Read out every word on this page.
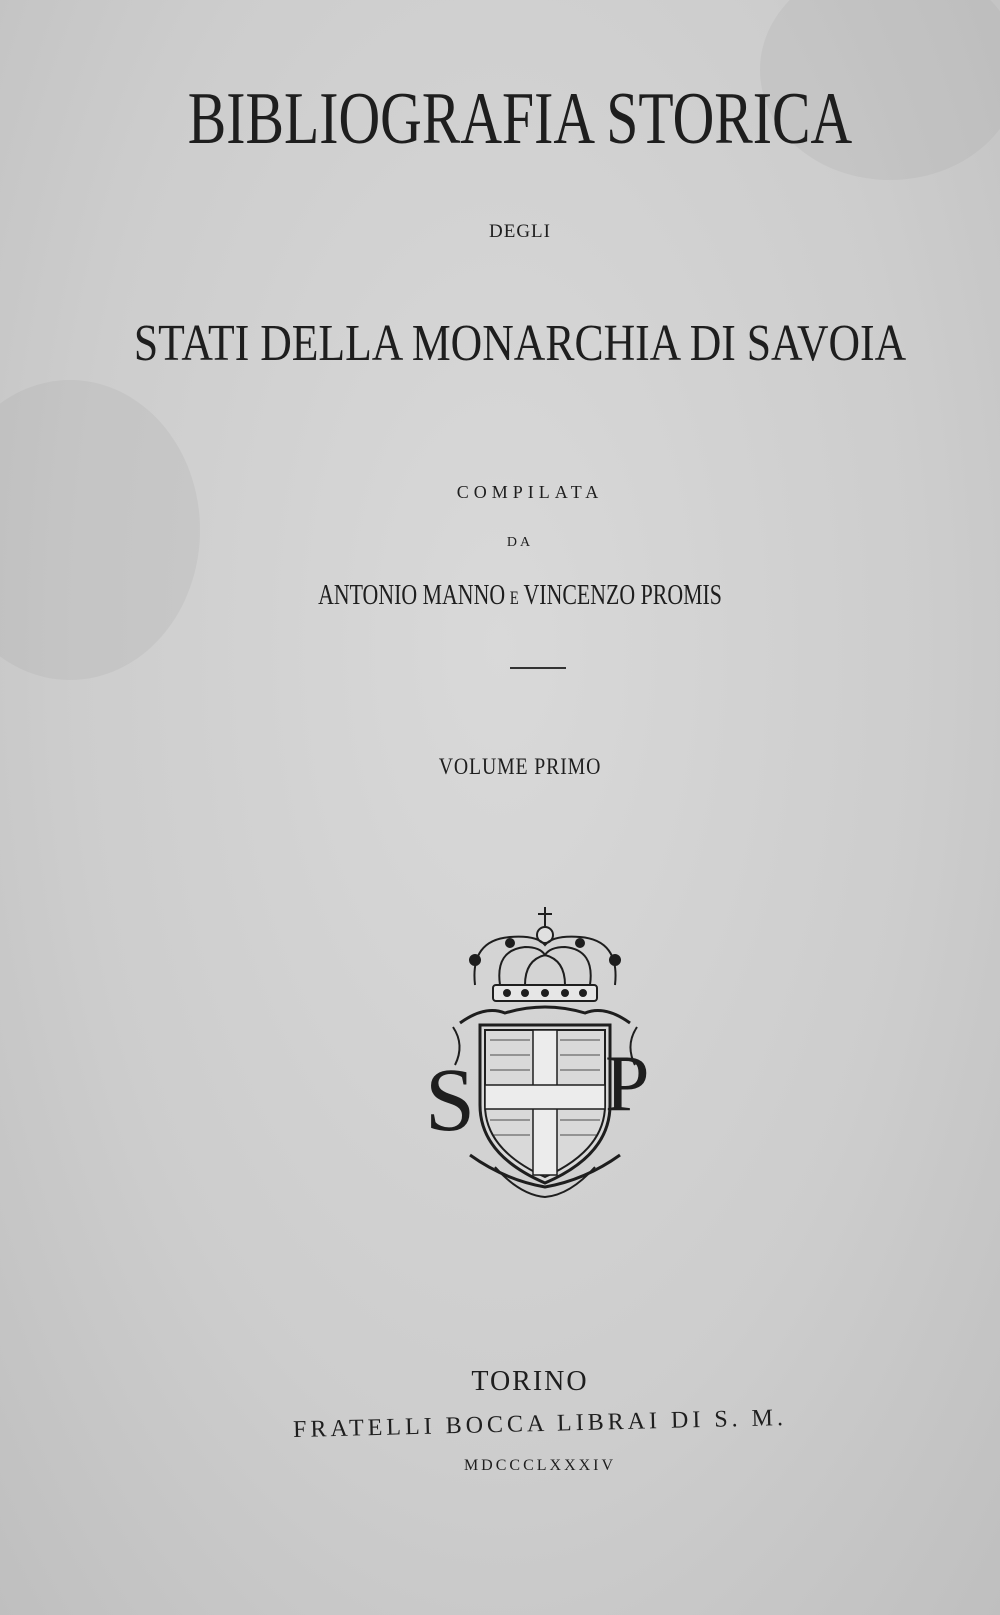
BIBLIOGRAFIA STORICA
DEGLI
STATI DELLA MONARCHIA DI SAVOIA
COMPILATA
DA
ANTONIO MANNO E VINCENZO PROMIS
VOLUME PRIMO
S P
TORINO
FRATELLI BOCCA LIBRAI DI S. M.
MDCCCLXXXIV
